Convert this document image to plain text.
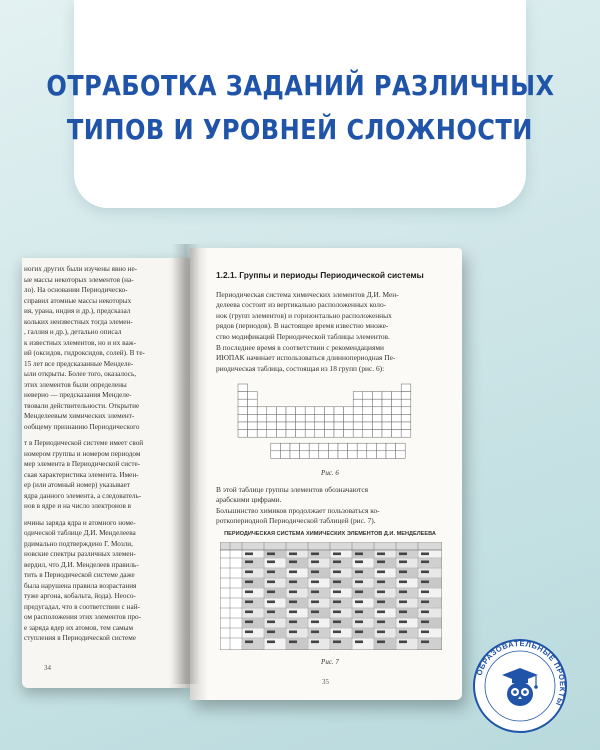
ОТРАБОТКА ЗАДАНИЙ РАЗЛИЧНЫХ
ТИПОВ И УРОВНЕЙ СЛОЖНОСТИ
ногих других были изучены явно не-
ые массы некоторых элементов (на-
ло). На основании Периодическо-
справил атомные массы некоторых
ия, урана, индия и др.), предсказал
кольких неизвестных тогда элемен-
, галлия и др.), детально описал
к известных элементов, но и их важ-
ий (оксидов, гидроксидов, солей). В те-
15 лет все предсказанные Менделе-
ыли открыты. Более того, оказалось,
этих элементов были определены
неверно — предсказания Менделе-
твовали действительности. Открытие
Менделеевым химических элемент-
ообщему признанию Периодического
т в Периодической системе имеет свой
номером группы и номером периодом
мер элемента в Периодической систе-
ская характеристика элемента. Имен-
ер (или атомный номер) указывает
ядра данного элемента, а следователь-
нов в ядре и на число электронов в
ичины заряда ядра и атомного номе-
одической таблице Д.И. Менделеева
рдимально подтверждено Г. Мозли,
новские спектры различных элемен-
вердил, что Д.И. Менделеев правиль-
тить в Периодической системе даже
была нарушена правила возрастания
туже аргона, кобальта, йода). Неосо-
предугадал, что в соответствии с най-
ом расположения этих элементов про-
е заряда ядер их атомов, тем самым
ступления в Периодической системе
34
1.2.1. Группы и периоды Периодической системы
Периодическая система химических элементов Д.И. Мен-
делеева состоит из вертикально расположенных коло-
нок (групп элементов) и горизонтально расположенных
рядов (периодов). В настоящее время известно множе-
ство модификаций Периодической таблицы элементов.
В последнее время в соответствии с рекомендациями
ИЮПАК начинает использоваться длиннопериодная Пе-
риодическая таблица, состоящая из 18 групп (рис. 6):
Рис. 6
В этой таблице группы элементов обозначаются
арабскими цифрами.
Большинство химиков продолжает пользоваться ко-
роткопериодной Периодической таблицей (рис. 7).
ПЕРИОДИЧЕСКАЯ СИСТЕМА ХИМИЧЕСКИХ ЭЛЕМЕНТОВ Д.И. МЕНДЕЛЕЕВА
Рис. 7
35
ОБРАЗОВАТЕЛЬНЫЕ ПРОЕКТЫ
